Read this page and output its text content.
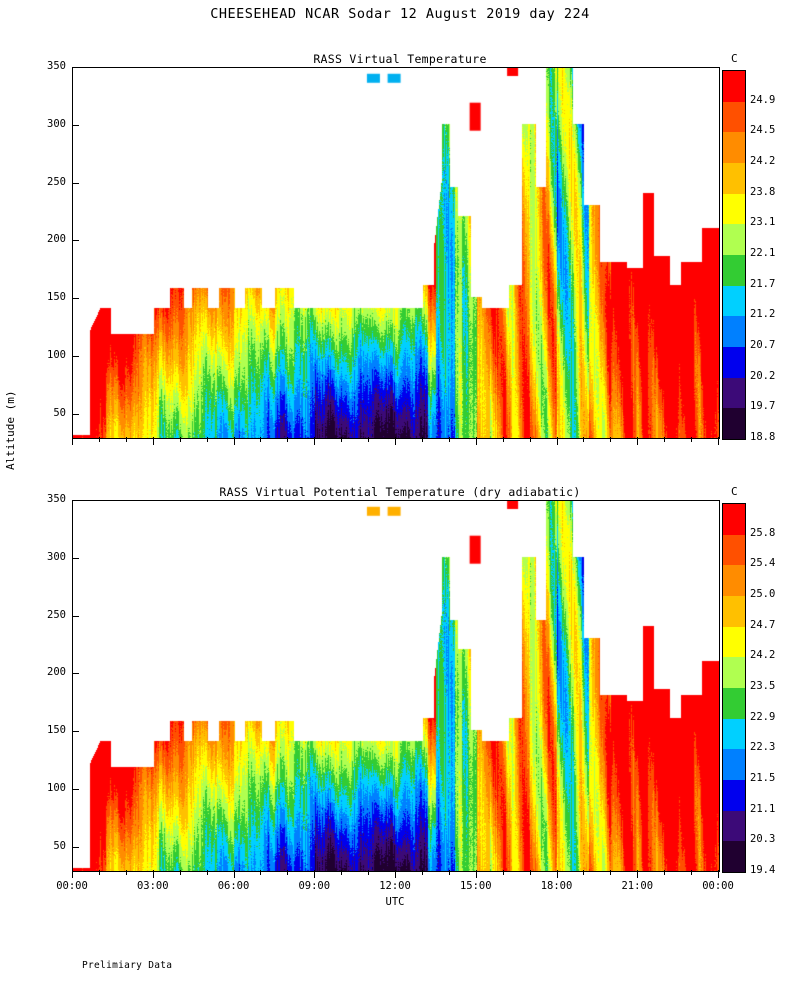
CHEESEHEAD NCAR Sodar 12 August 2019 day 224
Altitude (m)
RASS Virtual Temperature	C
RASS Virtual Potential Temperature (dry adiabatic)	C
Prelimiary Data
50
100
150
200
250
300
350
50
100
150
200
250
300
350
00:00	03:00	06:00	09:00	12:00	15:00	18:00	21:00	00:00
UTC
24.9
24.5
24.2
23.8
23.1
22.1
21.7
21.2
20.7
20.2
19.7
18.8
25.8
25.4
25.0
24.7
24.2
23.5
22.9
22.3
21.5
21.1
20.3
19.4
